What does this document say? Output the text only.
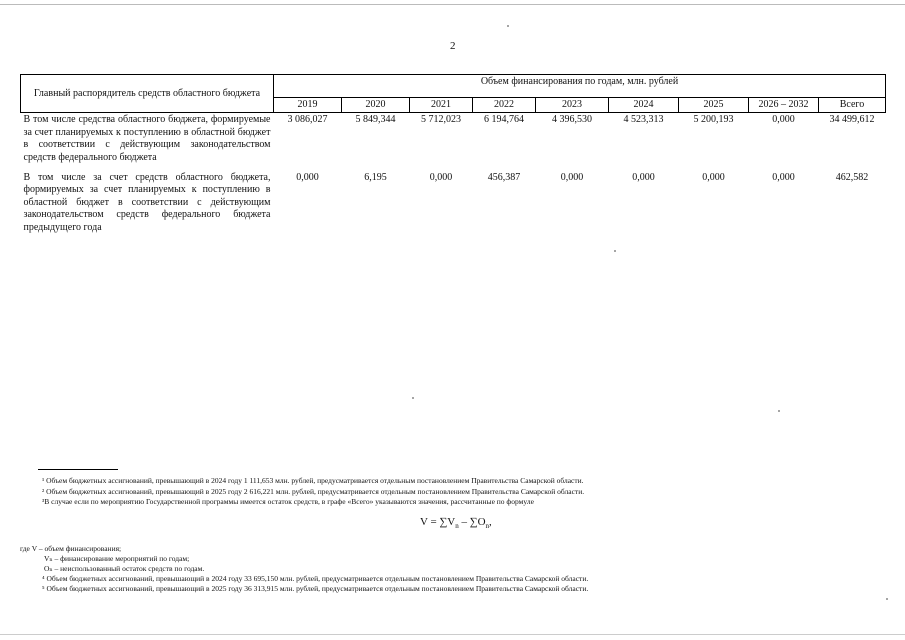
2
Главный распорядитель средств областного бюджета	Объем финансирования по годам, млн. рублей								
	2019	2020	2021	2022	2023	2024	2025	2026 – 2032	Всего
В том числе средства областного бюджета, формируемые за счет планируемых к поступлению в областной бюджет в соответствии с действующим законодательством средств федерального бюджета	3 086,027	5 849,344	5 712,023	6 194,764	4 396,530	4 523,313	5 200,193	0,000	34 499,612
В том числе за счет средств областного бюджета, формируемых за счет планируемых к поступлению в областной бюджет в соответствии с действующим законодательством средств федерального бюджета предыдущего года	0,000	6,195	0,000	456,387	0,000	0,000	0,000	0,000	462,582
¹ Объем бюджетных ассигнований, превышающий в 2024 году 1 111,653 млн. рублей, предусматривается отдельным постановлением Правительства Самарской области.
² Объем бюджетных ассигнований, превышающий в 2025 году 2 616,221 млн. рублей, предусматривается отдельным постановлением Правительства Самарской области.
³В случае если по мероприятию Государственной программы имеется остаток средств, в графе «Всего» указываются значения, рассчитанные по формуле
$V = \sum V_n - \sum O_n$,
где V – объем финансирования;
Vₙ – финансирование мероприятий по годам;
Oₙ – неиспользованный остаток средств по годам.
⁴ Объем бюджетных ассигнований, превышающий в 2024 году 33 695,150 млн. рублей, предусматривается отдельным постановлением Правительства Самарской области.
⁵ Объем бюджетных ассигнований, превышающий в 2025 году 36 313,915 млн. рублей, предусматривается отдельным постановлением Правительства Самарской области.
